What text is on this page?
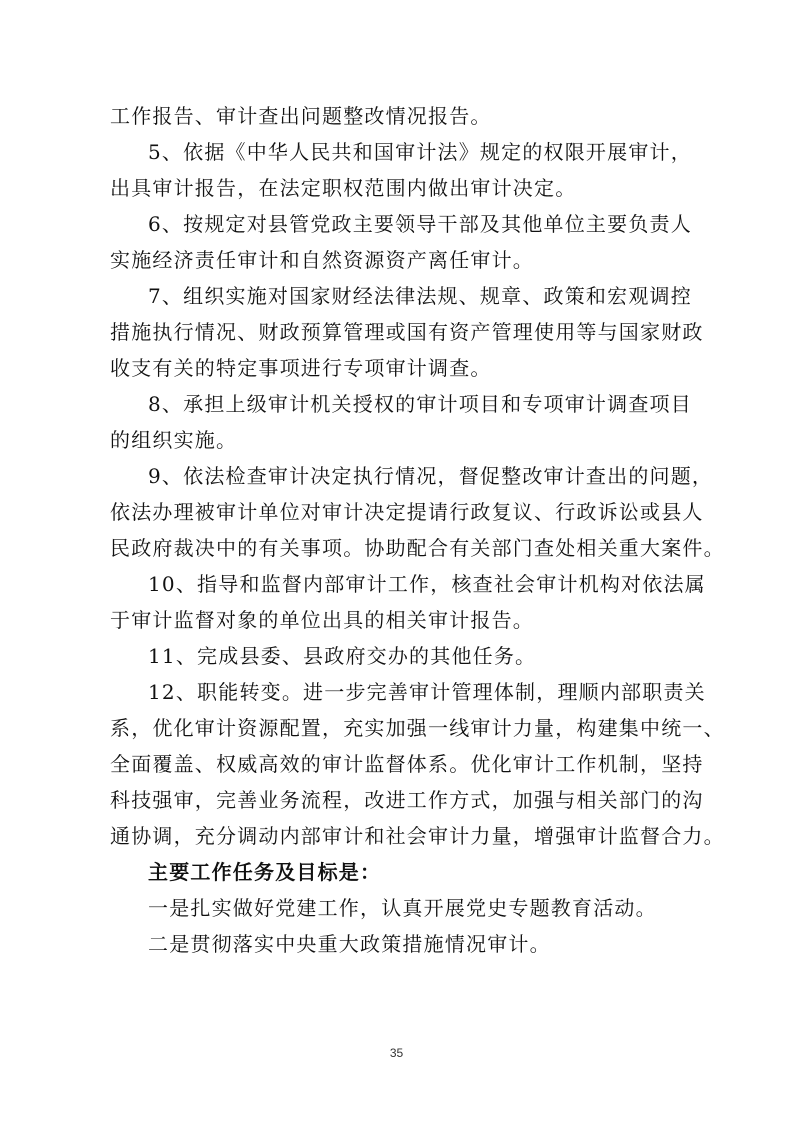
工作报告、审计查出问题整改情况报告。
5、依据《中华人民共和国审计法》规定的权限开展审计，
出具审计报告，在法定职权范围内做出审计决定。
6、按规定对县管党政主要领导干部及其他单位主要负责人
实施经济责任审计和自然资源资产离任审计。
7、组织实施对国家财经法律法规、规章、政策和宏观调控
措施执行情况、财政预算管理或国有资产管理使用等与国家财政
收支有关的特定事项进行专项审计调查。
8、承担上级审计机关授权的审计项目和专项审计调查项目
的组织实施。
9、依法检查审计决定执行情况，督促整改审计查出的问题，
依法办理被审计单位对审计决定提请行政复议、行政诉讼或县人
民政府裁决中的有关事项。协助配合有关部门查处相关重大案件。
10、指导和监督内部审计工作，核查社会审计机构对依法属
于审计监督对象的单位出具的相关审计报告。
11、完成县委、县政府交办的其他任务。
12、职能转变。进一步完善审计管理体制，理顺内部职责关
系，优化审计资源配置，充实加强一线审计力量，构建集中统一、
全面覆盖、权威高效的审计监督体系。优化审计工作机制，坚持
科技强审，完善业务流程，改进工作方式，加强与相关部门的沟
通协调，充分调动内部审计和社会审计力量，增强审计监督合力。
主要工作任务及目标是：
一是扎实做好党建工作，认真开展党史专题教育活动。
二是贯彻落实中央重大政策措施情况审计。
35
